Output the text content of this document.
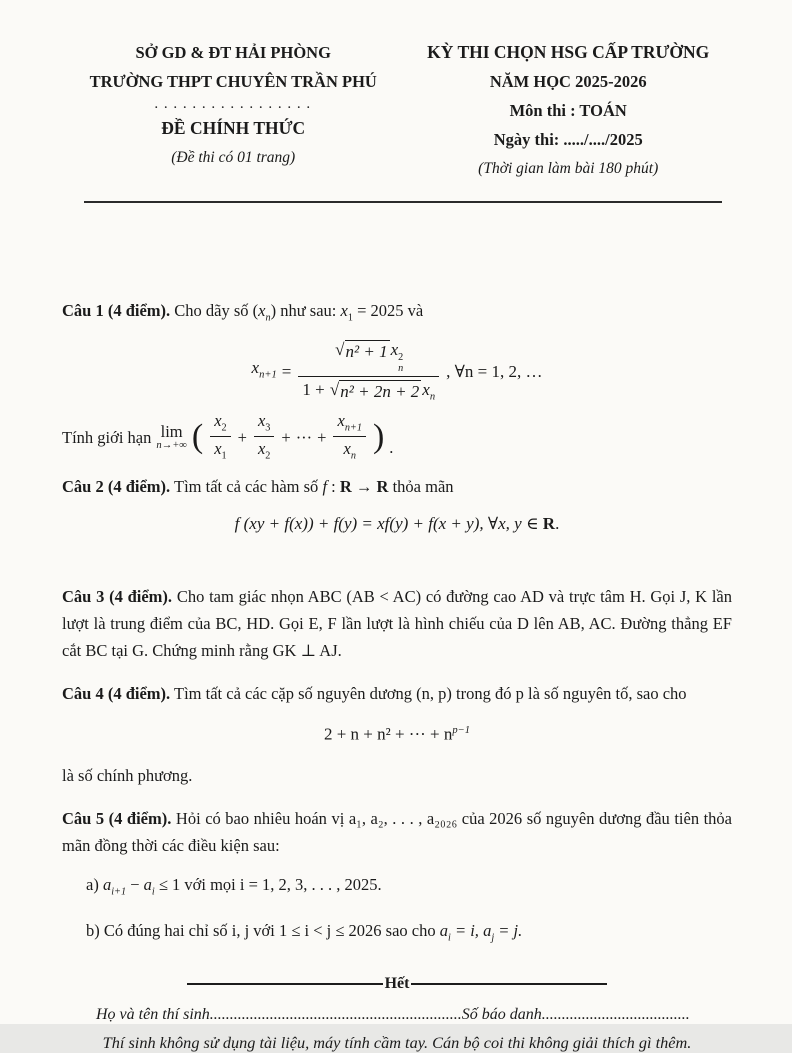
SỞ GD & ĐT HẢI PHÒNG
TRƯỜNG THPT CHUYÊN TRẦN PHÚ
. . . . . . . . . . . . . . . . .
ĐỀ CHÍNH THỨC
(Đề thi có 01 trang)
KỲ THI CHỌN HSG CẤP TRƯỜNG
NĂM HỌC 2025-2026
Môn thi : TOÁN
Ngày thi: ...../..../2025
(Thời gian làm bài 180 phút)

Câu 1 (4 điểm). Cho dãy số $(x_n)$ như sau: $x_1 = 2025$ và

$x_{n+1}$ = √ n² + 1 x 2
n
1 + √ n² + 2n + 2 $x_n$ , ∀n = 1, 2, …
Tính giới hạn lim
n→+∞ ( $\frac{x_2}{x_1} + \frac{x_3}{x_2}$ + ··· + $\frac{x_{n+1}}{x_n}$ ) .

Câu 2 (4 điểm). Tìm tất cả các hàm số f : R → R thỏa mãn

f (xy + f(x)) + f(y) = xf(y) + f(x + y), ∀x, y ∈ R.
Câu 3 (4 điểm). Cho tam giác nhọn ABC (AB < AC) có đường cao AD và trực tâm H. Gọi J, K lần lượt là trung điểm của BC, HD. Gọi E, F lần lượt là hình chiếu của D lên AB, AC. Đường thẳng EF cắt BC tại G. Chứng minh rằng GK ⊥ AJ.

Câu 4 (4 điểm). Tìm tất cả các cặp số nguyên dương (n, p) trong đó p là số nguyên tố, sao cho

2 + n + n² + ··· + $n^{p-1}$

là số chính phương.

Câu 5 (4 điểm). Hỏi có bao nhiêu hoán vị a₁, a₂, . . . , a₂₀₂₆ của 2026 số nguyên dương đầu tiên thỏa mãn đồng thời các điều kiện sau:

a) $a_{i+1} - a_i \le 1$ với mọi i = 1, 2, 3, . . . , 2025.
b) Có đúng hai chỉ số i, j với 1 ≤ i < j ≤ 2026 sao cho $a_i = i$, $a_j = j$.
Hết
Họ và tên thí sinh...............................................................Số báo danh.....................................
Thí sinh không sử dụng tài liệu, máy tính cầm tay. Cán bộ coi thi không giải thích gì thêm.
